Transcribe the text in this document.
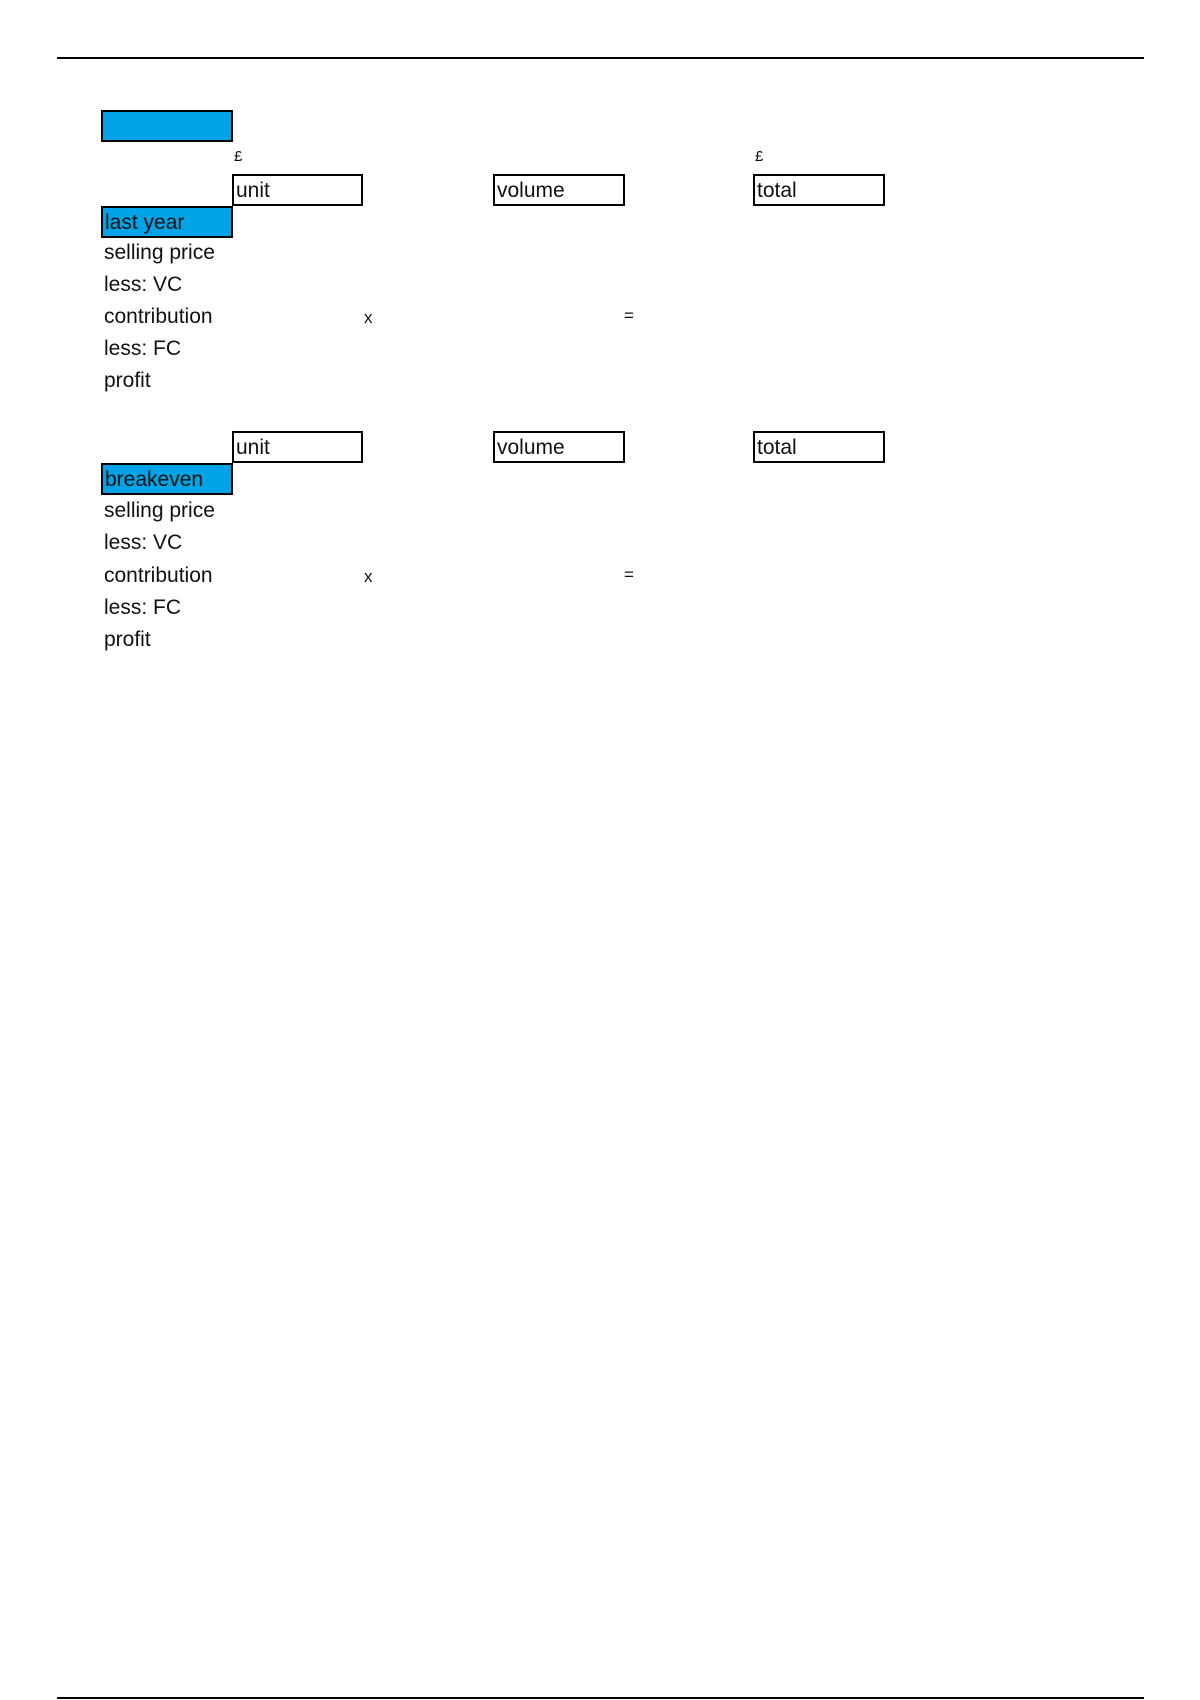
£	£
unit	volume	total
last year
selling price
less: VC
contribution	x	=
less: FC
profit
unit	volume	total
breakeven
selling price
less: VC
contribution	x	=
less: FC
profit
